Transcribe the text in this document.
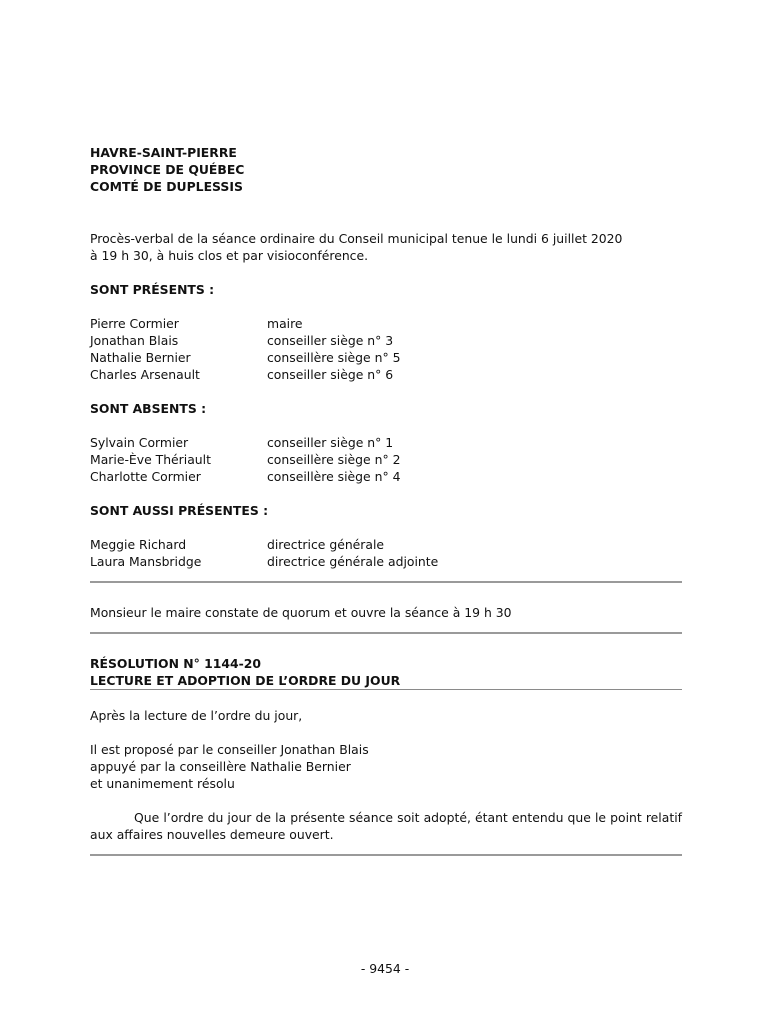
HAVRE-SAINT-PIERRE
PROVINCE DE QUÉBEC
COMTÉ DE DUPLESSIS
Procès-verbal de la séance ordinaire du Conseil municipal tenue le lundi 6 juillet 2020
à 19 h 30, à huis clos et par visioconférence.
SONT PRÉSENTS :
Pierre Cormier	maire
Jonathan Blais	conseiller siège n° 3
Nathalie Bernier	conseillère siège n° 5
Charles Arsenault	conseiller siège n° 6
SONT ABSENTS :
Sylvain Cormier	conseiller siège n° 1
Marie-Ève Thériault	conseillère siège n° 2
Charlotte Cormier	conseillère siège n° 4
SONT AUSSI PRÉSENTES :
Meggie Richard	directrice générale
Laura Mansbridge	directrice générale adjointe
Monsieur le maire constate de quorum et ouvre la séance à 19 h 30
RÉSOLUTION N° 1144-20
LECTURE ET ADOPTION DE L’ORDRE DU JOUR
Après la lecture de l’ordre du jour,
Il est proposé par le conseiller Jonathan Blais
appuyé par la conseillère Nathalie Bernier
et unanimement résolu
Que l’ordre du jour de la présente séance soit adopté, étant entendu que le point relatif aux affaires nouvelles demeure ouvert.
- 9454 -
